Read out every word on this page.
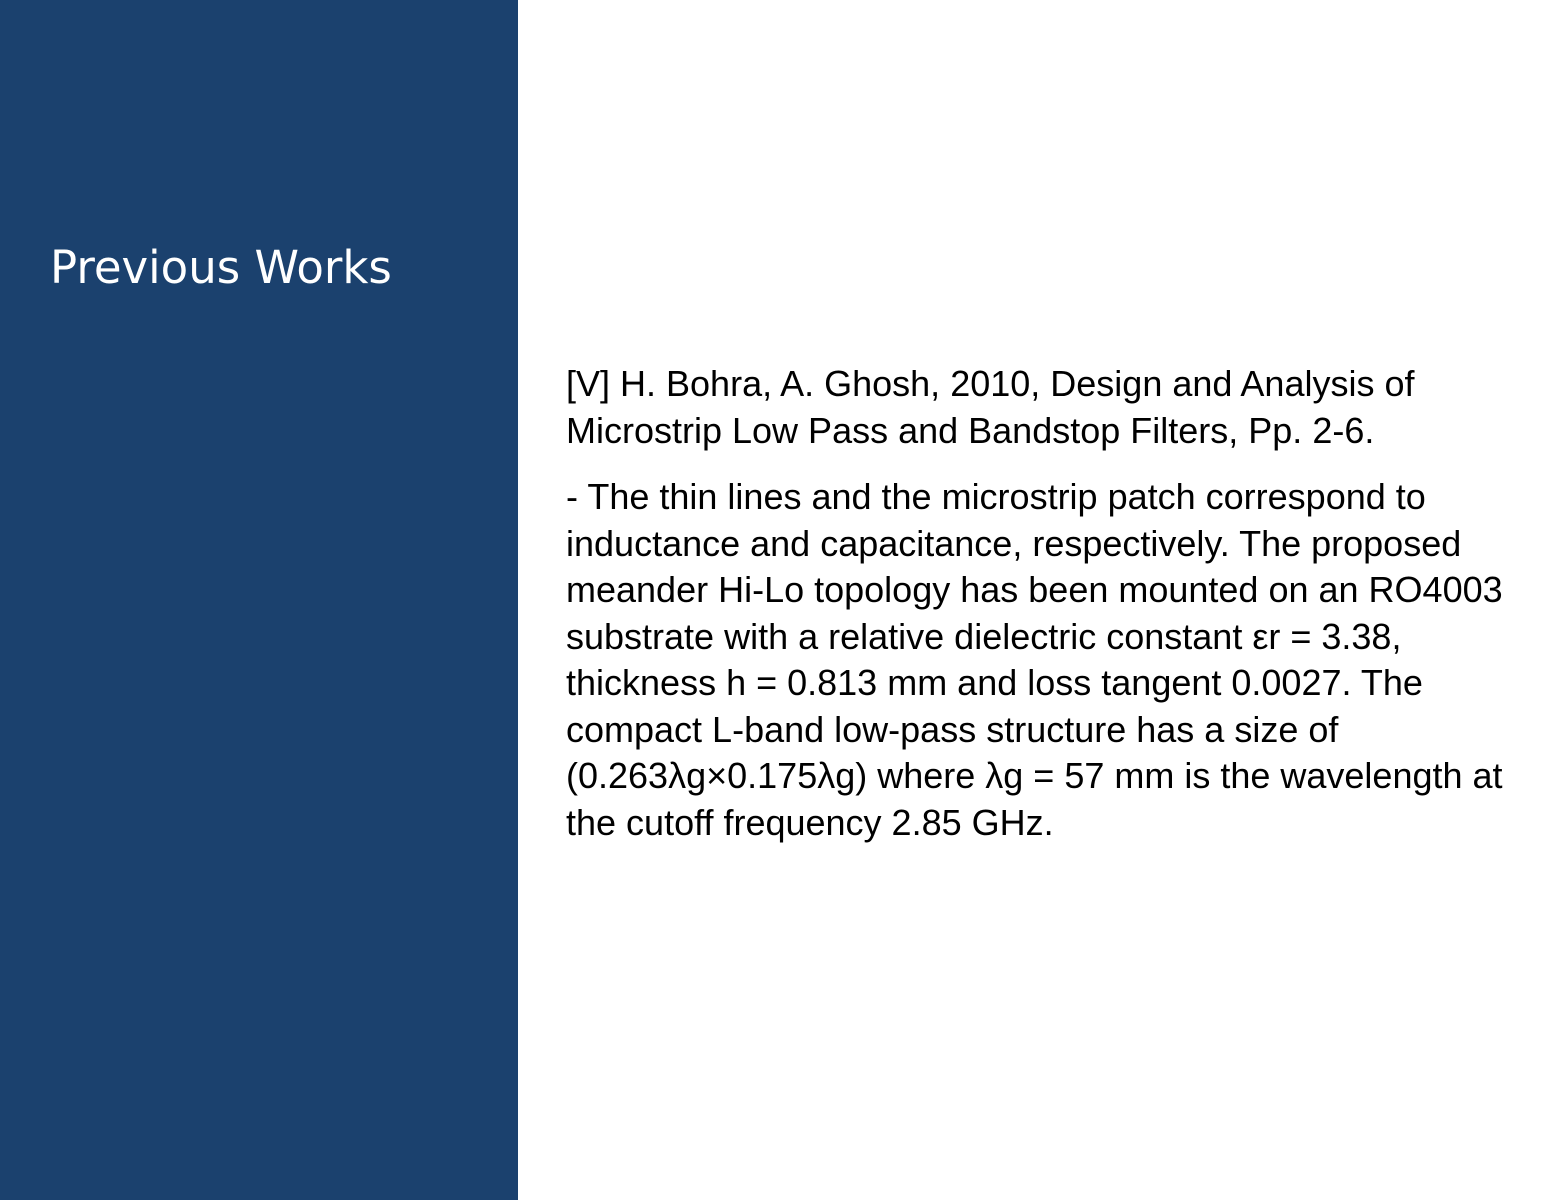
Previous Works

[V] H. Bohra, A. Ghosh, 2010, Design and Analysis of Microstrip Low Pass and Bandstop Filters, Pp. 2-6.

- The thin lines and the microstrip patch correspond to inductance and capacitance, respectively. The proposed meander Hi-Lo topology has been mounted on an RO4003 substrate with a relative dielectric constant εr = 3.38, thickness h = 0.813 mm and loss tangent 0.0027. The compact L-band low-pass structure has a size of (0.263λg×0.175λg) where λg = 57 mm is the wavelength at the cutoff frequency 2.85 GHz.
